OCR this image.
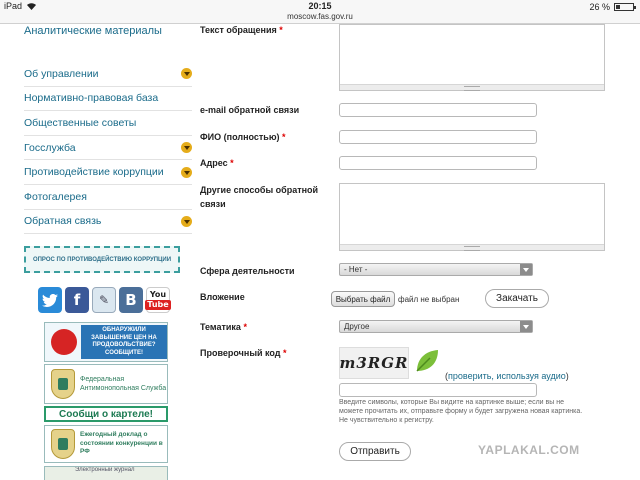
iPad	20:15
moscow.fas.gov.ru
26 %
Аналитические материалы
Об управлении
Нормативно-правовая база
Общественные советы
Госслужба
Противодействие коррупции
Фотогалерея
Обратная связь
ОПРОС ПО ПРОТИВОДЕЙСТВИЮ КОРРУПЦИИ
f	✎	B	You
Tube
ОБНАРУЖИЛИ ЗАВЫШЕНИЕ ЦЕН НА ПРОДОВОЛЬСТВИЕ? СООБЩИТЕ!
Федеральная Антимонопольная Служба
Сообщи о картеле!
Ежегодный доклад о состоянии конкуренции в РФ
Электронный журнал
Текст обращения *
e-mail обратной связи
ФИО (полностью) *
Адрес *
Другие способы обратной
связи
Сфера деятельности	- Нет -
Вложение	Выбрать файл файл не выбран	Закачать
Тематика *	Другое
Проверочный код *
m3RGR
(проверить, используя аудио)
Введите символы, которые Вы видите на картинке выше; если вы не можете прочитать их, отправьте форму и будет загружена новая картинка. Не чувствительно к регистру.
Отправить	YAPLAKAL.COM
